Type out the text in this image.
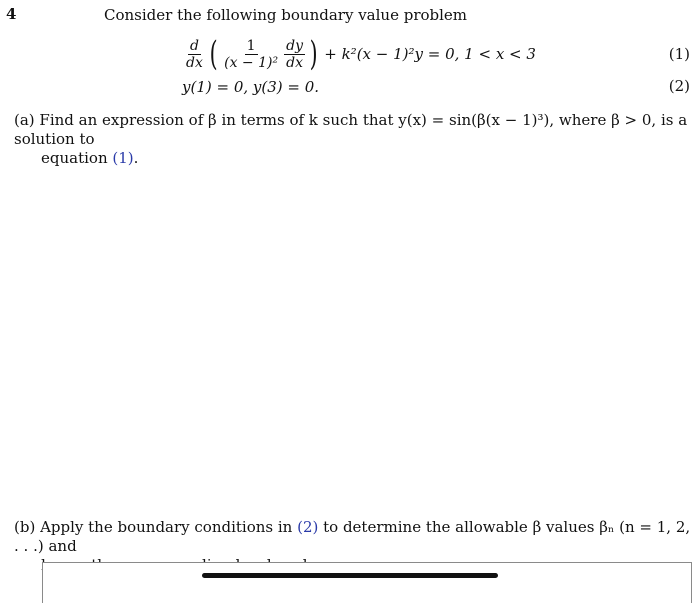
4	Consider the following boundary value problem
$\frac{d}{dx}$ ( $\frac{1}{\text{(x − 1)²}} \frac{dy}{dx}$ ) + k²(x − 1)²y = 0, 1 < x < 3	(1)
y(1) = 0, y(3) = 0.	(2)
(a) Find an expression of β in terms of k such that y(x) = sin(β(x − 1)³), where β > 0, is a solution to
equation (1).
(b) Apply the boundary conditions in (2) to determine the allowable β values βₙ (n = 1, 2, . . .) and
